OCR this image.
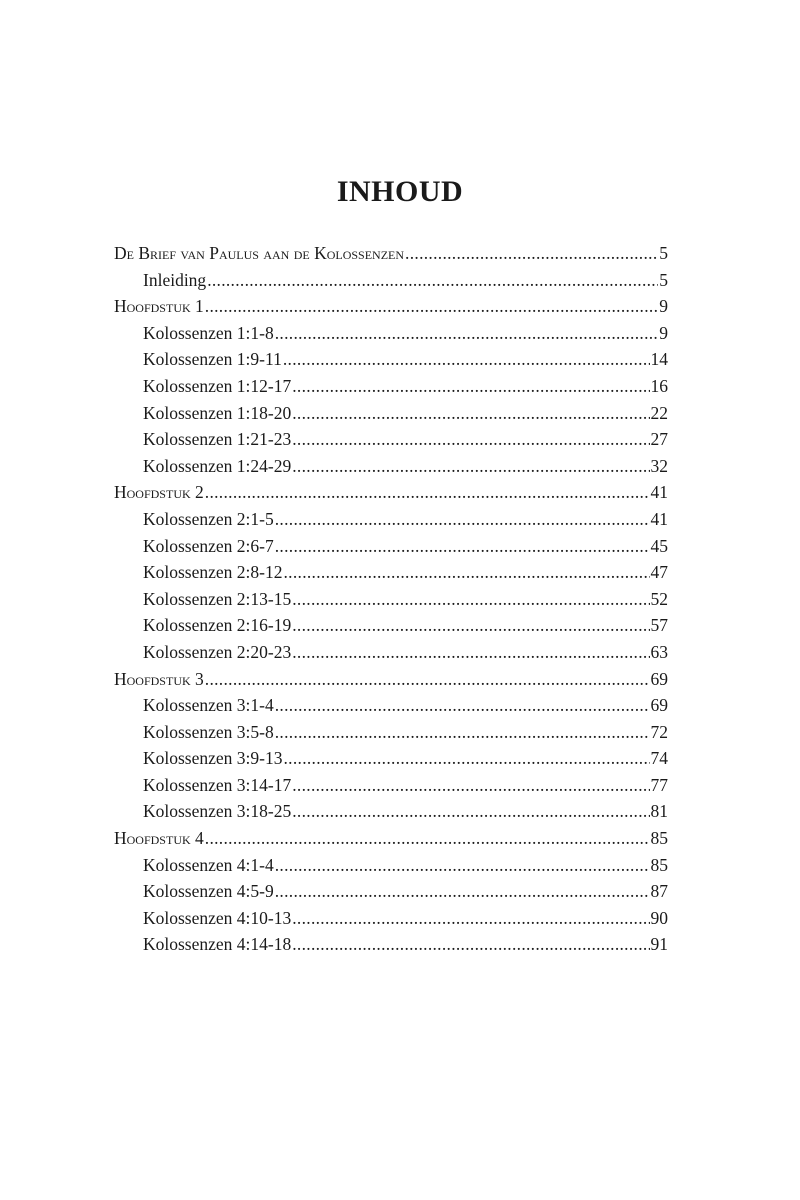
INHOUD
De Brief van Paulus aan de Kolossenzen .....	5
Inleiding .....	5
Hoofdstuk 1 .....	9
Kolossenzen 1:1-8 .....	9
Kolossenzen 1:9-11 .....	14
Kolossenzen 1:12-17 .....	16
Kolossenzen 1:18-20 .....	22
Kolossenzen 1:21-23 .....	27
Kolossenzen 1:24-29 .....	32
Hoofdstuk 2 .....	41
Kolossenzen 2:1-5 .....	41
Kolossenzen 2:6-7 .....	45
Kolossenzen 2:8-12 .....	47
Kolossenzen 2:13-15 .....	52
Kolossenzen 2:16-19 .....	57
Kolossenzen 2:20-23 .....	63
Hoofdstuk 3 .....	69
Kolossenzen 3:1-4 .....	69
Kolossenzen 3:5-8 .....	72
Kolossenzen 3:9-13 .....	74
Kolossenzen 3:14-17 .....	77
Kolossenzen 3:18-25 .....	81
Hoofdstuk 4 .....	85
Kolossenzen 4:1-4 .....	85
Kolossenzen 4:5-9 .....	87
Kolossenzen 4:10-13 .....	90
Kolossenzen 4:14-18 .....	91
